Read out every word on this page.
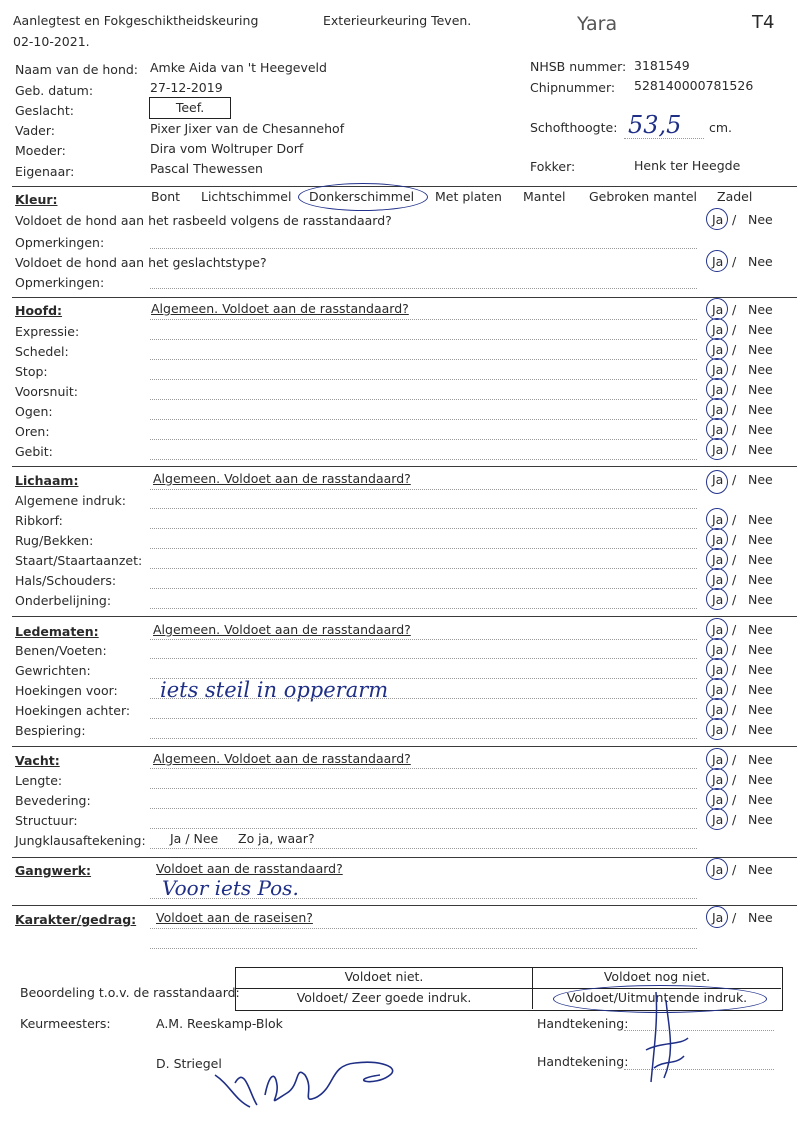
Aanlegtest en Fokgeschiktheidskeuring
02-10-2021.
Exterieurkeuring Teven.	Yara	T4
Naam van de hond: Amke Aida van 't Heegeveld
Geb. datum:	27-12-2019
Geslacht:	Teef.
Vader:	Pixer Jixer van de Chesannehof
Moeder:	Dira vom Woltruper Dorf
Eigenaar:	Pascal Thewessen
NHSB nummer: 3181549
Chipnummer: 528140000781526
Schofthoogte: 53,5 cm.
Fokker:	Henk ter Heegde
Kleur:	Bont Lichtschimmel Donkerschimmel Met platen Mantel Gebroken mantel Zadel
Voldoet de hond aan het rasbeeld volgens de rasstandaard?	Ja / Nee
Opmerkingen:
Voldoet de hond aan het geslachtstype?	Ja / Nee
Opmerkingen:
Hoofd:	Algemeen. Voldoet aan de rasstandaard?	Ja / Nee
Expressie:	Ja / Nee
Schedel:	Ja / Nee
Stop:	Ja / Nee
Voorsnuit:	Ja / Nee
Ogen:	Ja / Nee
Oren:	Ja / Nee
Gebit:	Ja / Nee
Lichaam:	Algemeen. Voldoet aan de rasstandaard?	Ja / Nee
Algemene indruk:
Ribkorf:	Ja / Nee
Rug/Bekken:	Ja / Nee
Staart/Staartaanzet:	Ja / Nee
Hals/Schouders:	Ja / Nee
Onderbelijning:	Ja / Nee
Ledematen:	Algemeen. Voldoet aan de rasstandaard?	Ja / Nee
Benen/Voeten:	Ja / Nee
Gewrichten:	Ja / Nee
Hoekingen voor: iets steil in opperarm	Ja / Nee
Hoekingen achter:	Ja / Nee
Bespiering:	Ja / Nee
Vacht:	Algemeen. Voldoet aan de rasstandaard?	Ja / Nee
Lengte:	Ja / Nee
Bevedering:	Ja / Nee
Structuur:	Ja / Nee
Jungklausaftekening: Ja / Nee Zo ja, waar?
Gangwerk:	Voldoet aan de rasstandaard?	Ja / Nee
Voor iets Pos.
Karakter/gedrag: Voldoet aan de raseisen?	Ja / Nee
Beoordeling t.o.v. de rasstandaard:
Voldoet niet.	Voldoet nog niet.
Voldoet/ Zeer goede indruk.	Voldoet/Uitmuntende indruk.
Keurmeesters:	A.M. Reeskamp-Blok	Handtekening:
D. Striegel	Handtekening:
